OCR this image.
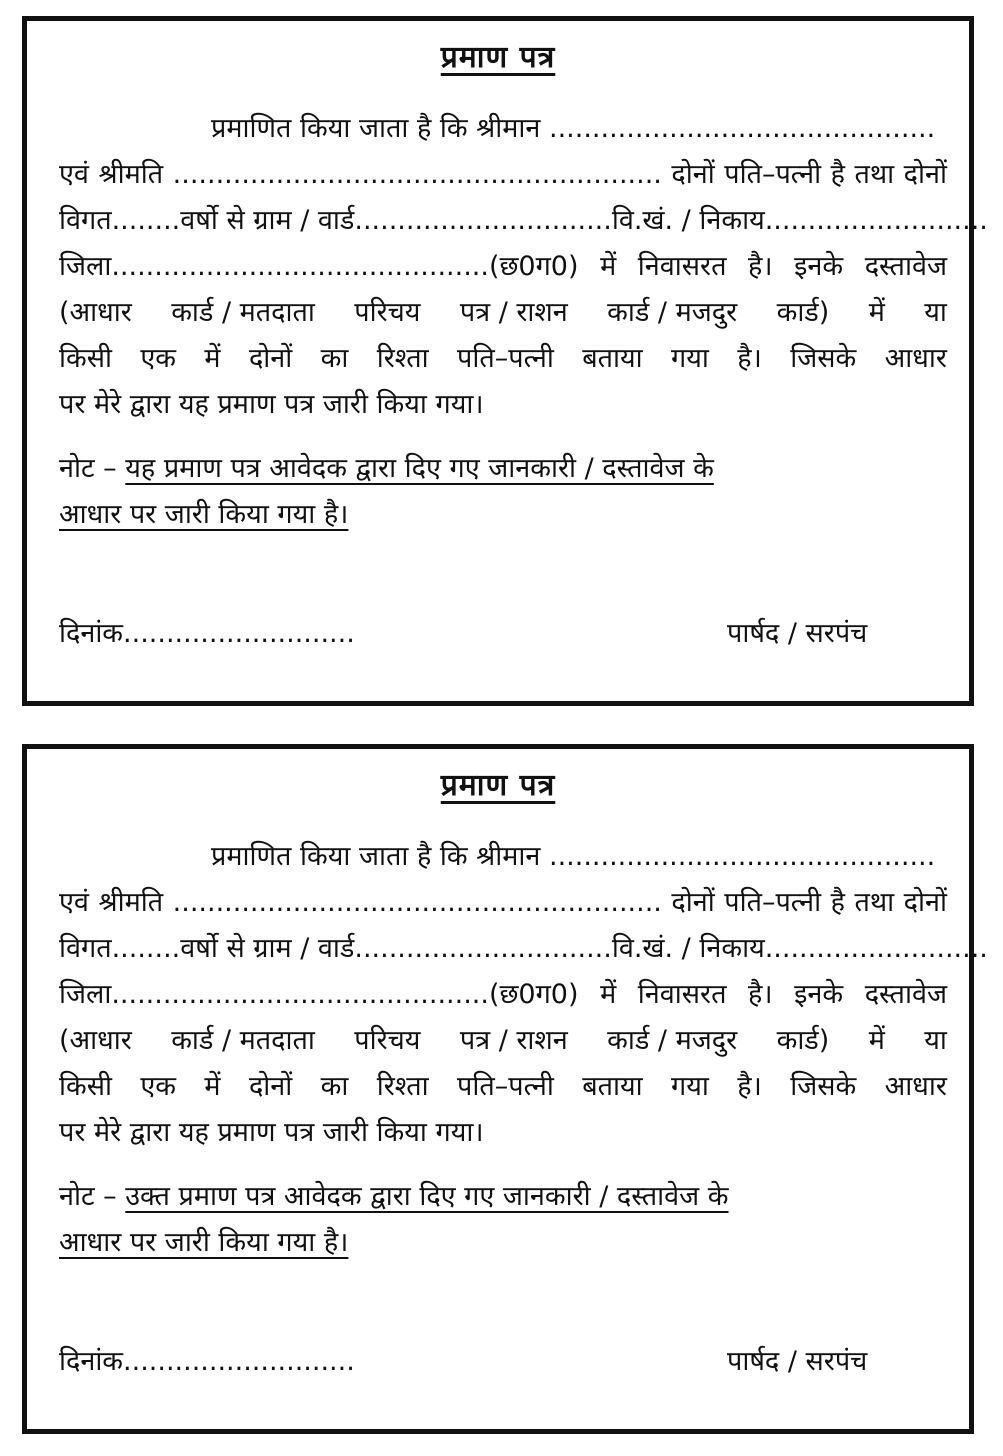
प्रमाण पत्र
प्रमाणित किया जाता है कि श्रीमान .............................................
एवं श्रीमति ......................................................... दोनों पति–पत्नी है तथा दोनों
विगत........वर्षो से ग्राम / वार्ड..............................वि.खं. / निकाय..........................
जिला............................................(छ0ग0) में निवासरत है। इनके दस्तावेज
(आधार कार्ड / मतदाता परिचय पत्र / राशन कार्ड / मजदुर कार्ड) में या
किसी एक में दोनों का रिश्ता पति–पत्नी बताया गया है। जिसके आधार
पर मेरे द्वारा यह प्रमाण पत्र जारी किया गया।
नोट – यह प्रमाण पत्र आवेदक द्वारा दिए गए जानकारी / दस्तावेज के
आधार पर जारी किया गया है।
दिनांक...........................	पार्षद / सरपंच
प्रमाण पत्र
प्रमाणित किया जाता है कि श्रीमान .............................................
एवं श्रीमति ......................................................... दोनों पति–पत्नी है तथा दोनों
विगत........वर्षो से ग्राम / वार्ड..............................वि.खं. / निकाय..........................
जिला............................................(छ0ग0) में निवासरत है। इनके दस्तावेज
(आधार कार्ड / मतदाता परिचय पत्र / राशन कार्ड / मजदुर कार्ड) में या
किसी एक में दोनों का रिश्ता पति–पत्नी बताया गया है। जिसके आधार
पर मेरे द्वारा यह प्रमाण पत्र जारी किया गया।
नोट – उक्त प्रमाण पत्र आवेदक द्वारा दिए गए जानकारी / दस्तावेज के
आधार पर जारी किया गया है।
दिनांक...........................	पार्षद / सरपंच
